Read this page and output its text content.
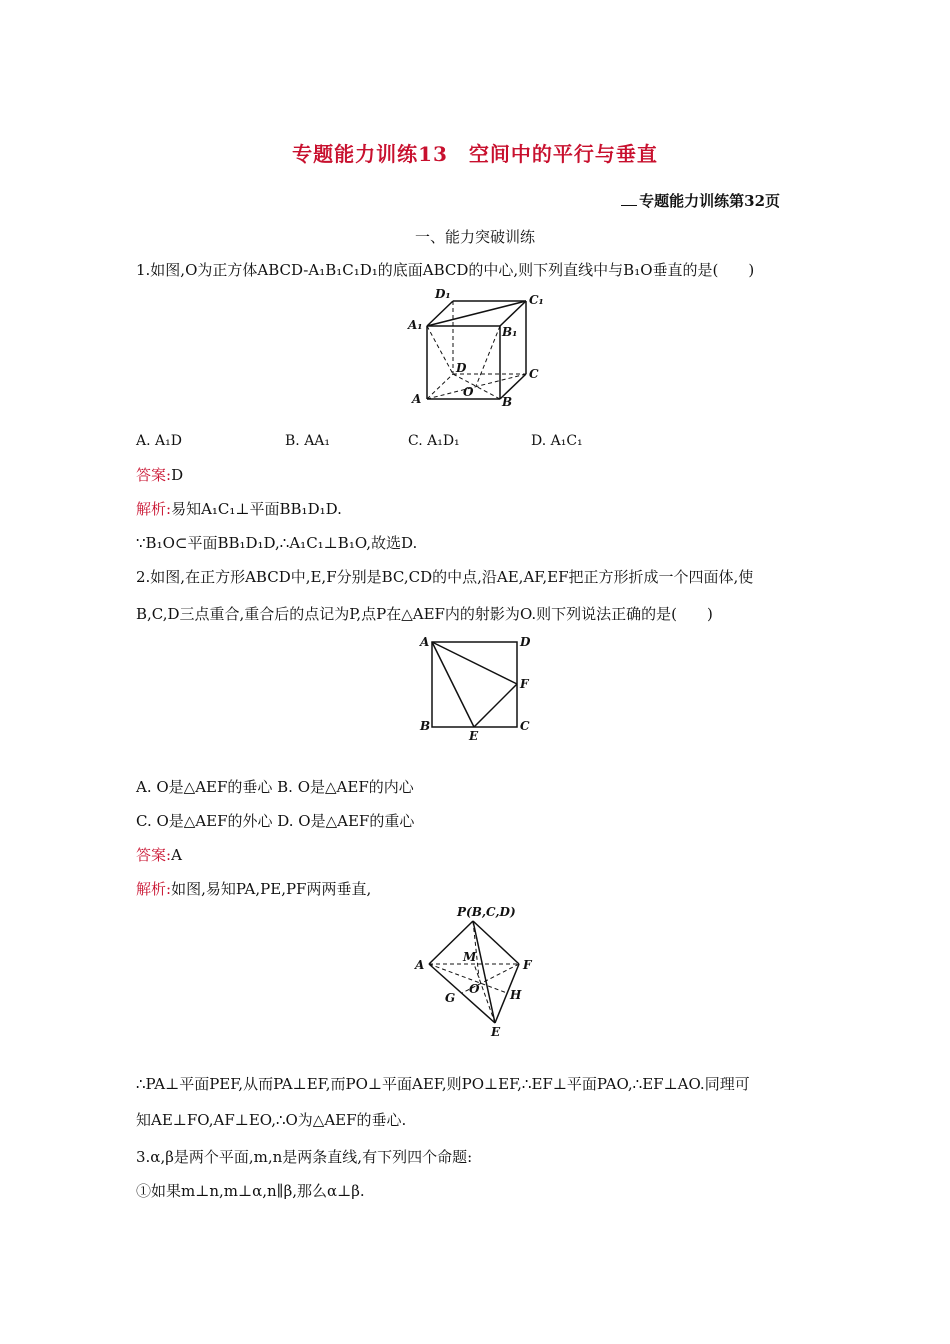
专题能力训练13　空间中的平行与垂直
专题能力训练第32页
一、能力突破训练
1.如图,O为正方体ABCD-A₁B₁C₁D₁的底面ABCD的中心,则下列直线中与B₁O垂直的是(　　)
D₁	C₁
A₁	B₁
D	C
O
A	B
A. A₁D	B. AA₁	C. A₁D₁	D. A₁C₁
答案:D
解析:易知A₁C₁⊥平面BB₁D₁D.
∵B₁O⊂平面BB₁D₁D,∴A₁C₁⊥B₁O,故选D.
2.如图,在正方形ABCD中,E,F分别是BC,CD的中点,沿AE,AF,EF把正方形折成一个四面体,使
B,C,D三点重合,重合后的点记为P,点P在△AEF内的射影为O.则下列说法正确的是(　　)
A	D
F
B
E
C
A. O是△AEF的垂心 B. O是△AEF的内心
C. O是△AEF的外心 D. O是△AEF的重心
答案:A
解析:如图,易知PA,PE,PF两两垂直,
P(B,C,D)
A
M
F
G
O	H
E
∴PA⊥平面PEF,从而PA⊥EF,而PO⊥平面AEF,则PO⊥EF,∴EF⊥平面PAO,∴EF⊥AO.同理可
知AE⊥FO,AF⊥EO,∴O为△AEF的垂心.
3.α,β是两个平面,m,n是两条直线,有下列四个命题:
①如果m⊥n,m⊥α,n∥β,那么α⊥β.
